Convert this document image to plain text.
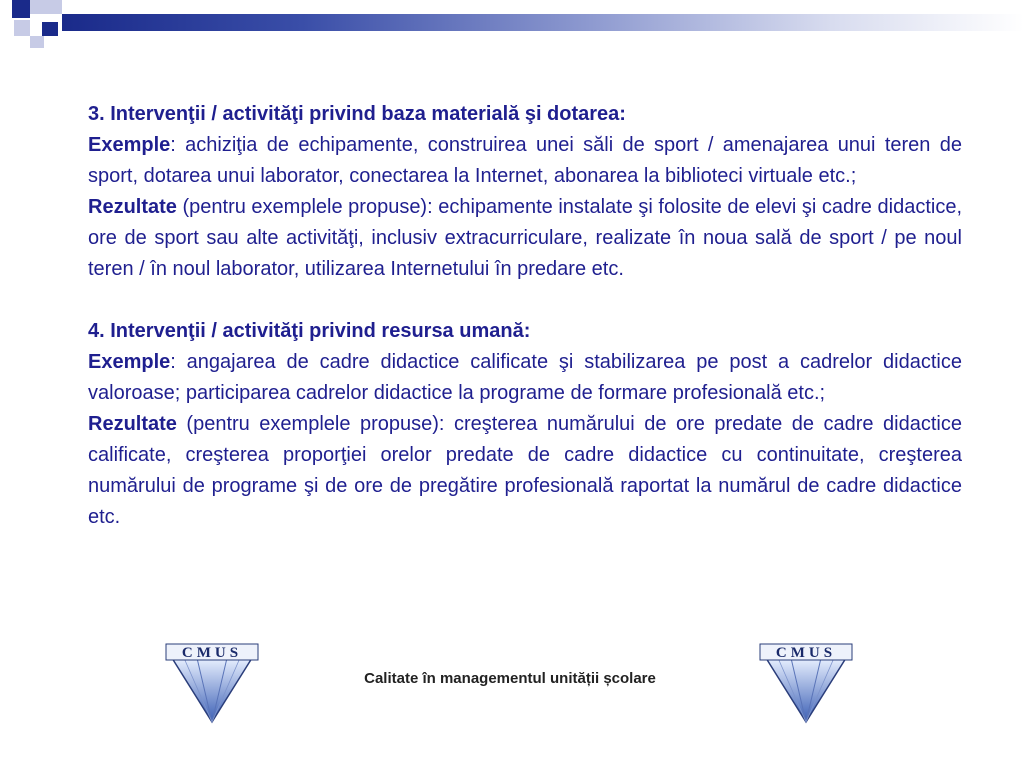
3. Intervenţii / activităţi privind baza materială şi dotarea:

Exemple: achiziţia de echipamente, construirea unei săli de sport / amenajarea unui teren de sport, dotarea unui laborator, conectarea la Internet, abonarea la biblioteci virtuale etc.;

Rezultate (pentru exemplele propuse): echipamente instalate şi folosite de elevi şi cadre didactice, ore de sport sau alte activităţi, inclusiv extracurriculare, realizate în noua sală de sport / pe noul teren / în noul laborator, utilizarea Internetului în predare etc.

4. Intervenţii / activităţi privind resursa umană:

Exemple: angajarea de cadre didactice calificate şi stabilizarea pe post a cadrelor didactice valoroase; participarea cadrelor didactice la programe de formare profesională etc.;

Rezultate (pentru exemplele propuse): creşterea numărului de ore predate de cadre didactice calificate, creşterea proporţiei orelor predate de cadre didactice cu continuitate, creşterea numărului de programe şi de ore de pregătire profesională raportat la numărul de cadre didactice etc.

CMUS
Calitate în managementul unității școlare
CMUS
